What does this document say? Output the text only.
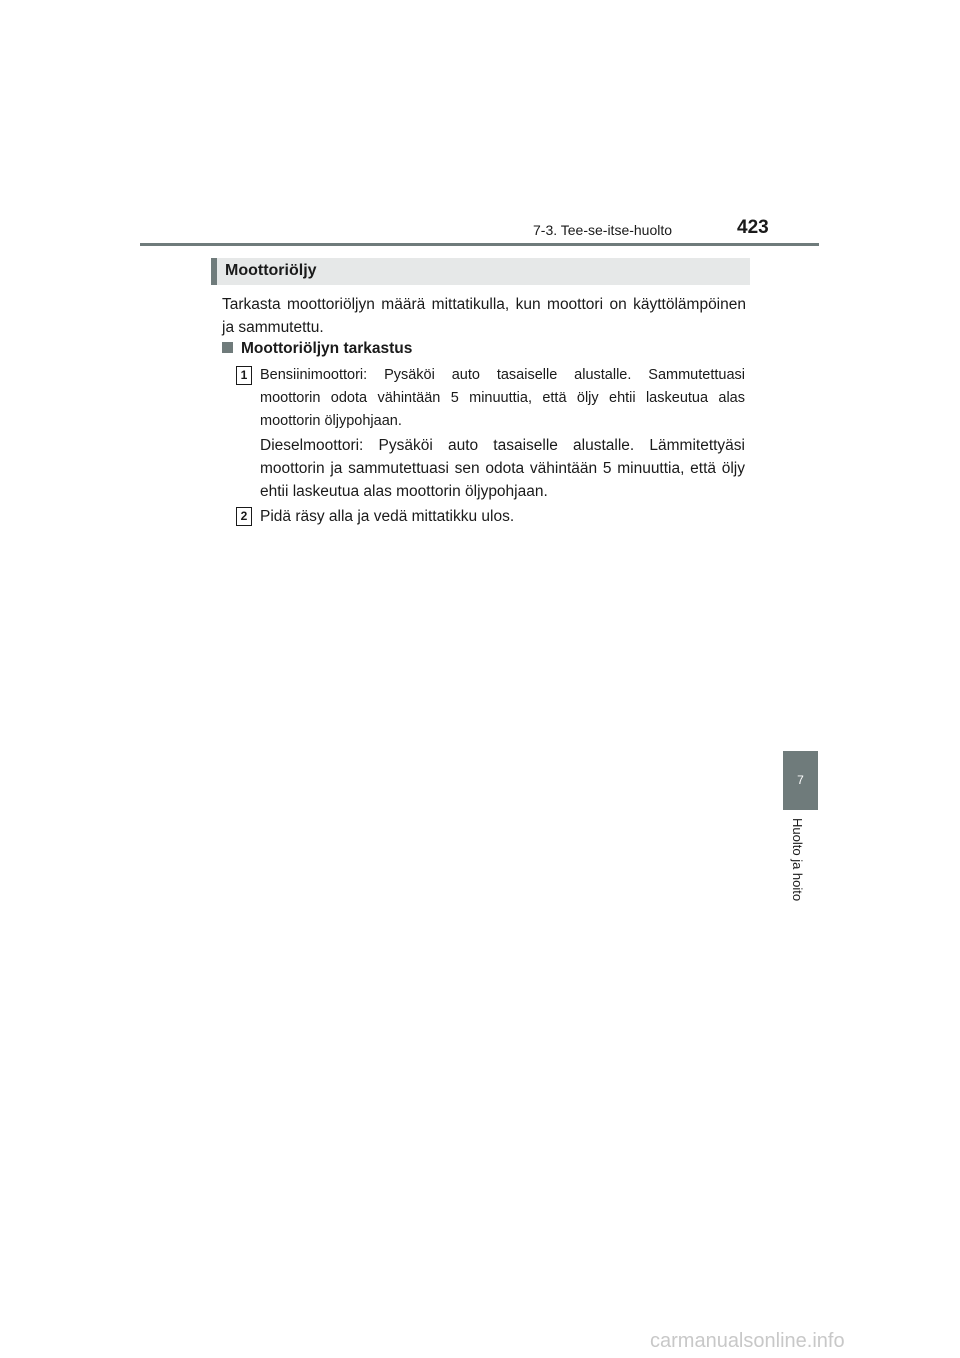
7-3. Tee-se-itse-huolto	423
Moottoriöljy
Tarkasta moottoriöljyn määrä mittatikulla, kun moottori on käyttölämpöinen ja sammutettu.
Moottoriöljyn tarkastus
1 Bensiinimoottori: Pysäköi auto tasaiselle alustalle. Sammutettuasi moottorin odota vähintään 5 minuuttia, että öljy ehtii laskeutua alas moottorin öljypohjaan.
Dieselmoottori: Pysäköi auto tasaiselle alustalle. Lämmitettyäsi moottorin ja sammutettuasi sen odota vähintään 5 minuuttia, että öljy ehtii laskeutua alas moottorin öljypohjaan.
2 Pidä räsy alla ja vedä mittatikku ulos.
7
Huolto ja hoito
carmanualsonline.info
